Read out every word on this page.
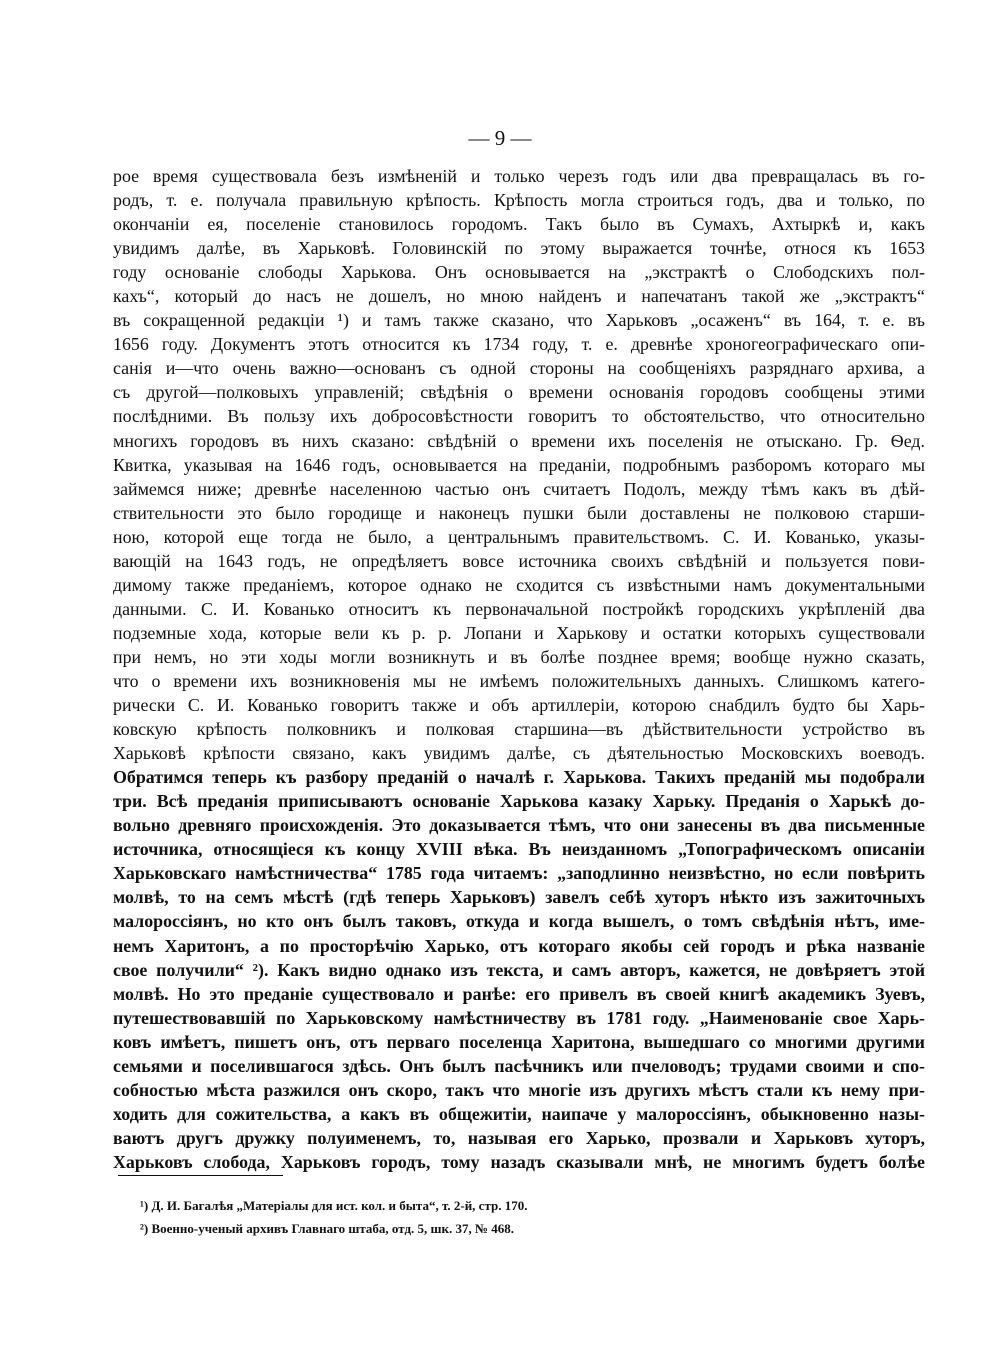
— 9 —
рое время существовала безъ измѣненій и только черезъ годъ или два превращалась въ го-
родъ, т. е. получала правильную крѣпость. Крѣпость могла строиться годъ, два и только, по
окончаніи ея, поселеніе становилось городомъ. Такъ было въ Сумахъ, Ахтыркѣ и, какъ
увидимъ далѣе, въ Харьковѣ. Головинскій по этому выражается точнѣе, относя къ 1653
году основаніе слободы Харькова. Онъ основывается на „экстрактѣ о Слободскихъ пол-
кахъ“, который до насъ не дошелъ, но мною найденъ и напечатанъ такой же „экстрактъ“
въ сокращенной редакціи ¹) и тамъ также сказано, что Харьковъ „осаженъ“ въ 164, т. е. въ
1656 году. Документъ этотъ относится къ 1734 году, т. е. древнѣе хроногеографическаго опи-
санія и—что очень важно—основанъ съ одной стороны на сообщеніяхъ разряднаго архива, а
съ другой—полковыхъ управленій; свѣдѣнія о времени основанія городовъ сообщены этими
послѣдними. Въ пользу ихъ добросовѣстности говоритъ то обстоятельство, что относительно
многихъ городовъ въ нихъ сказано: свѣдѣній о времени ихъ поселенія не отыскано. Гр. Ѳед.
Квитка, указывая на 1646 годъ, основывается на преданіи, подробнымъ разборомъ котораго мы
займемся ниже; древнѣе населенною частью онъ считаетъ Подолъ, между тѣмъ какъ въ дѣй-
ствительности это было городище и наконецъ пушки были доставлены не полковою старши-
ною, которой еще тогда не было, а центральнымъ правительствомъ. С. И. Кованько, указы-
вающій на 1643 годъ, не опредѣляетъ вовсе источника своихъ свѣдѣній и пользуется пови-
димому также преданіемъ, которое однако не сходится съ извѣстными намъ документальными
данными. С. И. Кованько относитъ къ первоначальной постройкѣ городскихъ укрѣпленій два
подземные хода, которые вели къ р. р. Лопани и Харькову и остатки которыхъ существовали
при немъ, но эти ходы могли возникнуть и въ болѣе позднее время; вообще нужно сказать,
что о времени ихъ возникновенія мы не имѣемъ положительныхъ данныхъ. Слишкомъ катего-
рически С. И. Кованько говоритъ также и объ артиллеріи, которою снабдилъ будто бы Харь-
ковскую крѣпость полковникъ и полковая старшина—въ дѣйствительности устройство въ
Харьковѣ крѣпости связано, какъ увидимъ далѣе, съ дѣятельностью Московскихъ воеводъ.
Обратимся теперь къ разбору преданій о началѣ г. Харькова. Такихъ преданій мы подобрали
три. Всѣ преданія приписываютъ основаніе Харькова казаку Харьку. Преданія о Харькѣ до-
вольно древняго происхожденія. Это доказывается тѣмъ, что они занесены въ два письменные
источника, относящіеся къ концу XVIII вѣка. Въ неизданномъ „Топографическомъ описаніи
Харьковскаго намѣстничества“ 1785 года читаемъ: „заподлинно неизвѣстно, но если повѣрить
молвѣ, то на семъ мѣстѣ (гдѣ теперь Харьковъ) завелъ себѣ хуторъ нѣкто изъ зажиточныхъ
малороссіянъ, но кто онъ былъ таковъ, откуда и когда вышелъ, о томъ свѣдѣнія нѣтъ, име-
немъ Харитонъ, а по просторѣчію Харько, отъ котораго якобы сей городъ и рѣка названіе
свое получили“ ²). Какъ видно однако изъ текста, и самъ авторъ, кажется, не довѣряетъ этой
молвѣ. Но это преданіе существовало и ранѣе: его привелъ въ своей книгѣ академикъ Зуевъ,
путешествовавшій по Харьковскому намѣстничеству въ 1781 году. „Наименованіе свое Харь-
ковъ имѣетъ, пишетъ онъ, отъ перваго поселенца Харитона, вышедшаго со многими другими
семьями и поселившагося здѣсь. Онъ былъ пасѣчникъ или пчеловодъ; трудами своими и спо-
собностью мѣста разжился онъ скоро, такъ что многіе изъ другихъ мѣстъ стали къ нему при-
ходить для сожительства, а какъ въ общежитіи, наипаче у малороссіянъ, обыкновенно назы-
ваютъ другъ дружку полуименемъ, то, называя его Харько, прозвали и Харьковъ хуторъ,
Харьковъ слобода, Харьковъ городъ, тому назадъ сказывали мнѣ, не многимъ будетъ болѣе
¹) Д. И. Багалѣя „Матеріалы для ист. кол. и быта“, т. 2-й, стр. 170.
²) Военно-ученый архивъ Главнаго штаба, отд. 5, шк. 37, № 468.
